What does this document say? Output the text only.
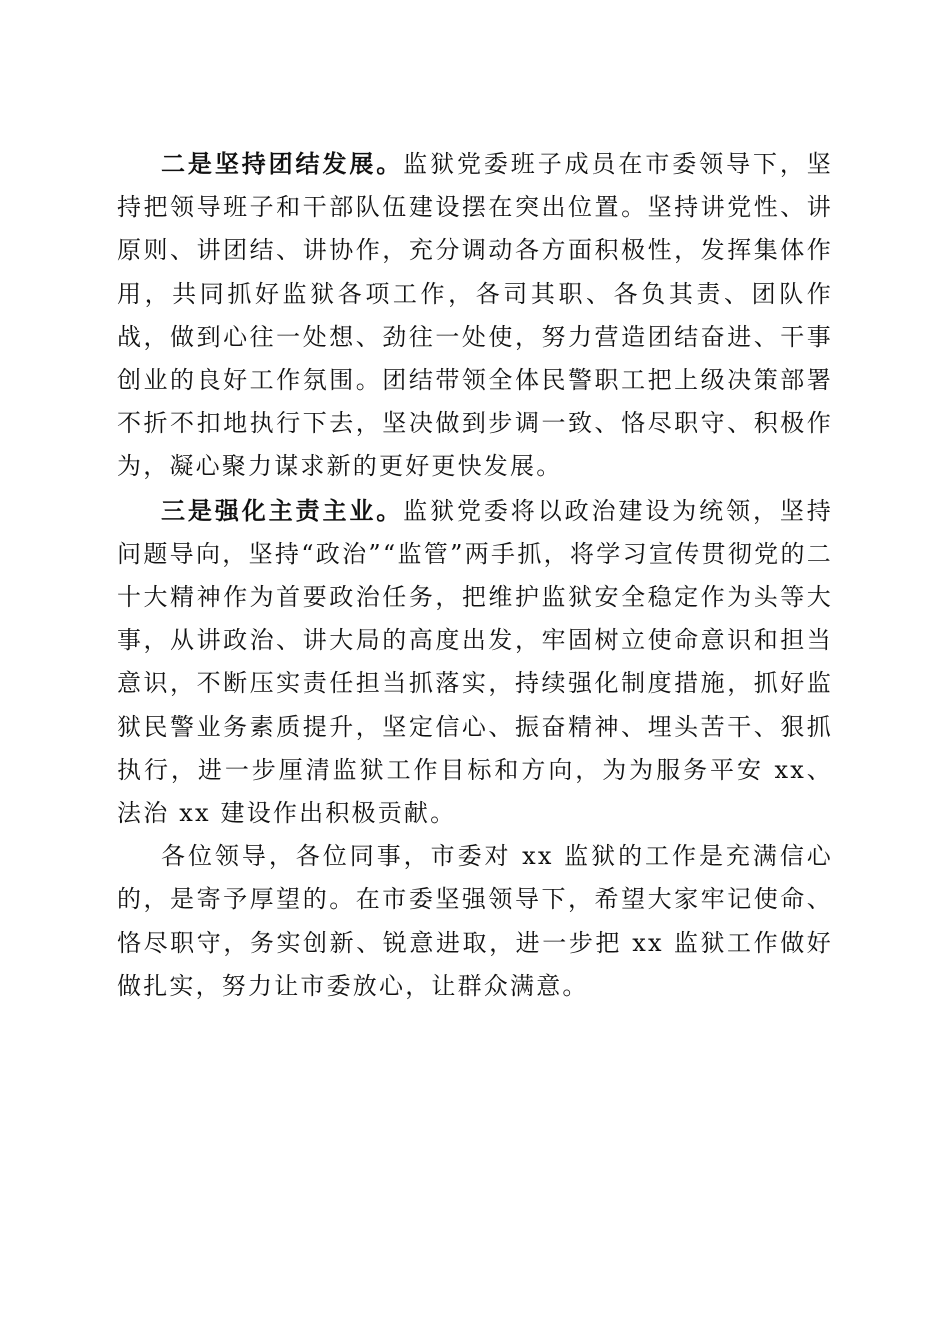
二是坚持团结发展。监狱党委班子成员在市委领导下，坚持把领导班子和干部队伍建设摆在突出位置。坚持讲党性、讲原则、讲团结、讲协作，充分调动各方面积极性，发挥集体作用，共同抓好监狱各项工作，各司其职、各负其责、团队作战，做到心往一处想、劲往一处使，努力营造团结奋进、干事创业的良好工作氛围。团结带领全体民警职工把上级决策部署不折不扣地执行下去，坚决做到步调一致、恪尽职守、积极作为，凝心聚力谋求新的更好更快发展。

三是强化主责主业。监狱党委将以政治建设为统领，坚持问题导向，坚持“政治”“监管”两手抓，将学习宣传贯彻党的二十大精神作为首要政治任务，把维护监狱安全稳定作为头等大事，从讲政治、讲大局的高度出发，牢固树立使命意识和担当意识，不断压实责任担当抓落实，持续强化制度措施，抓好监狱民警业务素质提升，坚定信心、振奋精神、埋头苦干、狠抓执行，进一步厘清监狱工作目标和方向，为为服务平安 xx、法治 xx 建设作出积极贡献。

各位领导，各位同事，市委对 xx 监狱的工作是充满信心的，是寄予厚望的。在市委坚强领导下，希望大家牢记使命、恪尽职守，务实创新、锐意进取，进一步把 xx 监狱工作做好做扎实，努力让市委放心，让群众满意。
